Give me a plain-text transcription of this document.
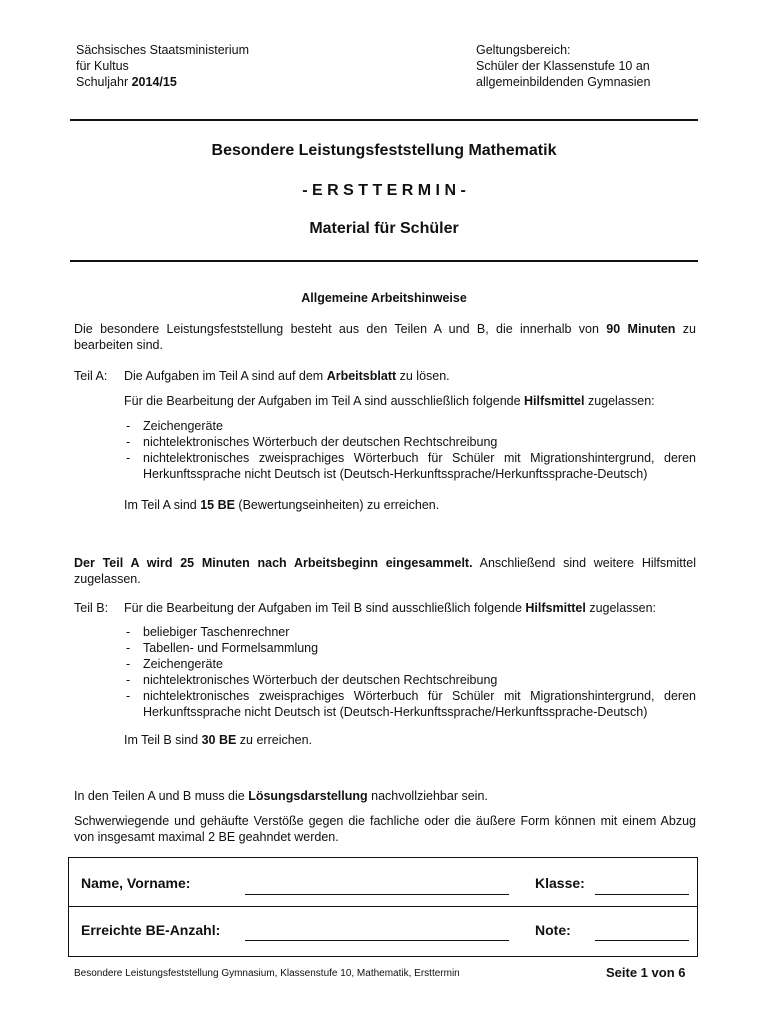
Sächsisches Staatsministerium
für Kultus
Schuljahr 2014/15
Geltungsbereich:
Schüler der Klassenstufe 10 an
allgemeinbildenden Gymnasien
Besondere Leistungsfeststellung Mathematik
- E R S T T E R M I N -
Material für Schüler
Allgemeine Arbeitshinweise
Die besondere Leistungsfeststellung besteht aus den Teilen A und B, die innerhalb von 90 Minuten zu bearbeiten sind.
Teil A: Die Aufgaben im Teil A sind auf dem Arbeitsblatt zu lösen.
Für die Bearbeitung der Aufgaben im Teil A sind ausschließlich folgende Hilfsmittel zugelassen:
- Zeichengeräte
- nichtelektronisches Wörterbuch der deutschen Rechtschreibung
- nichtelektronisches zweisprachiges Wörterbuch für Schüler mit Migrationshintergrund, deren Herkunftssprache nicht Deutsch ist (Deutsch-Herkunftssprache/Herkunftssprache-Deutsch)
Im Teil A sind 15 BE (Bewertungseinheiten) zu erreichen.
Der Teil A wird 25 Minuten nach Arbeitsbeginn eingesammelt. Anschließend sind weitere Hilfsmittel zugelassen.
Teil B: Für die Bearbeitung der Aufgaben im Teil B sind ausschließlich folgende Hilfsmittel zugelassen:
- beliebiger Taschenrechner
- Tabellen- und Formelsammlung
- Zeichengeräte
- nichtelektronisches Wörterbuch der deutschen Rechtschreibung
- nichtelektronisches zweisprachiges Wörterbuch für Schüler mit Migrationshintergrund, deren Herkunftssprache nicht Deutsch ist (Deutsch-Herkunftssprache/Herkunftssprache-Deutsch)
Im Teil B sind 30 BE zu erreichen.
In den Teilen A und B muss die Lösungsdarstellung nachvollziehbar sein.
Schwerwiegende und gehäufte Verstöße gegen die fachliche oder die äußere Form können mit einem Abzug von insgesamt maximal 2 BE geahndet werden.
Name, Vorname:	Klasse:
Erreichte BE-Anzahl:	Note:
Besondere Leistungsfeststellung Gymnasium, Klassenstufe 10, Mathematik, Ersttermin	Seite 1 von 6
